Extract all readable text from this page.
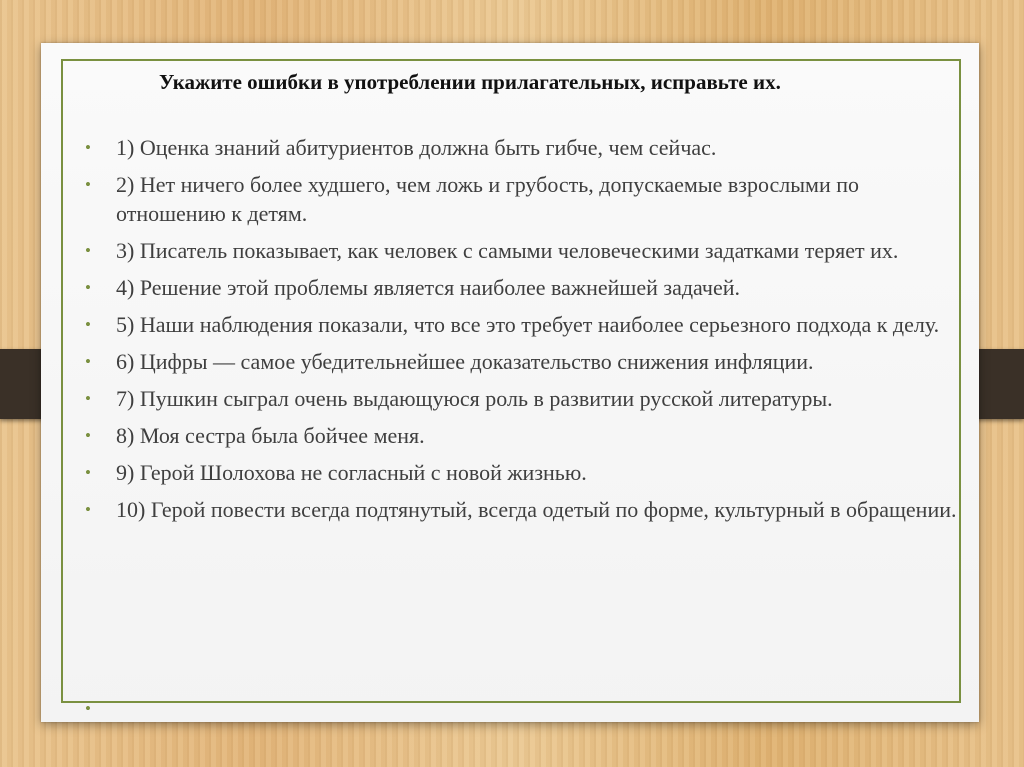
Укажите ошибки в употреблении прилагательных, исправьте их.
• 1) Оценка знаний абитуриентов должна быть гибче, чем сейчас.
• 2) Нет ничего более худшего, чем ложь и грубость, допускаемые взрослыми по отношению к детям.
• 3) Писатель показывает, как человек с самыми человеческими задатками теряет их.
• 4) Решение этой проблемы является наиболее важнейшей задачей.
• 5) Наши наблюдения показали, что все это требует наиболее серьезного подхода к делу.
• 6) Цифры — самое убедительнейшее доказательство снижения инфляции.
• 7) Пушкин сыграл очень выдающуюся роль в развитии русской литературы.
• 8) Моя сестра была бойчее меня.
• 9) Герой Шолохова не согласный с новой жизнью.
• 10) Герой повести всегда подтянутый, всегда одетый по форме, культурный в обращении.
•
